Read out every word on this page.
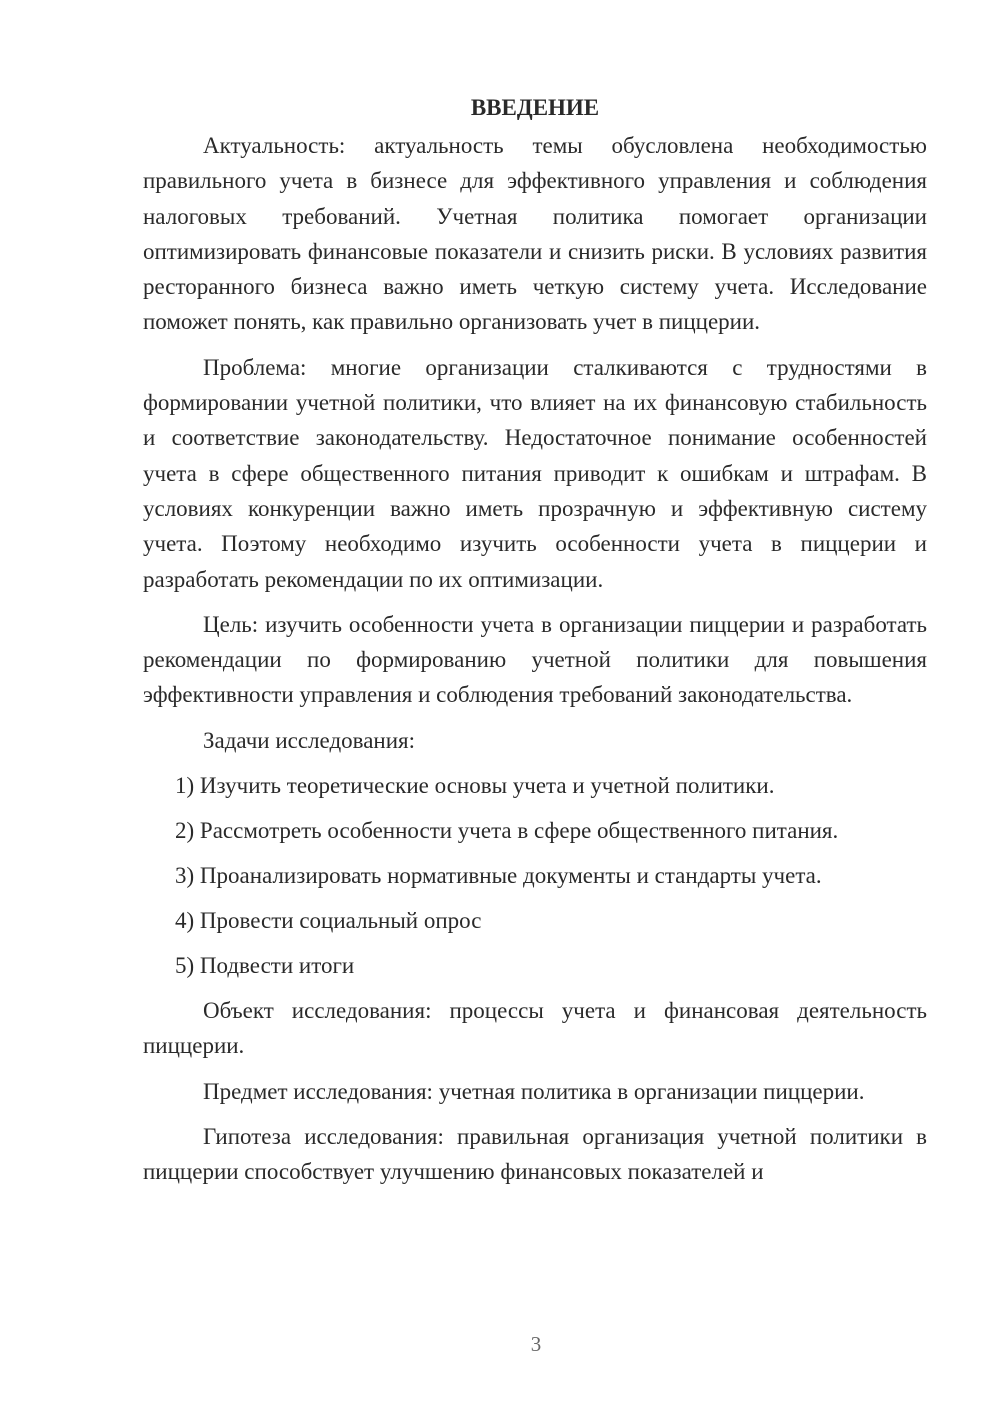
ВВЕДЕНИЕ

Актуальность: актуальность темы обусловлена необходимостью правильного учета в бизнесе для эффективного управления и соблюдения налоговых требований. Учетная политика помогает организации оптимизировать финансовые показатели и снизить риски. В условиях развития ресторанного бизнеса важно иметь четкую систему учета. Исследование поможет понять, как правильно организовать учет в пиццерии.

Проблема: многие организации сталкиваются с трудностями в формировании учетной политики, что влияет на их финансовую стабильность и соответствие законодательству. Недостаточное понимание особенностей учета в сфере общественного питания приводит к ошибкам и штрафам. В условиях конкуренции важно иметь прозрачную и эффективную систему учета. Поэтому необходимо изучить особенности учета в пиццерии и разработать рекомендации по их оптимизации.

Цель: изучить особенности учета в организации пиццерии и разработать рекомендации по формированию учетной политики для повышения эффективности управления и соблюдения требований законодательства.

Задачи исследования:

1) Изучить теоретические основы учета и учетной политики.
2) Рассмотреть особенности учета в сфере общественного питания.
3) Проанализировать нормативные документы и стандарты учета.
4) Провести социальный опрос
5) Подвести итоги

Объект исследования: процессы учета и финансовая деятельность пиццерии.

Предмет исследования: учетная политика в организации пиццерии.

Гипотеза исследования: правильная организация учетной политики в пиццерии способствует улучшению финансовых показателей и

3
